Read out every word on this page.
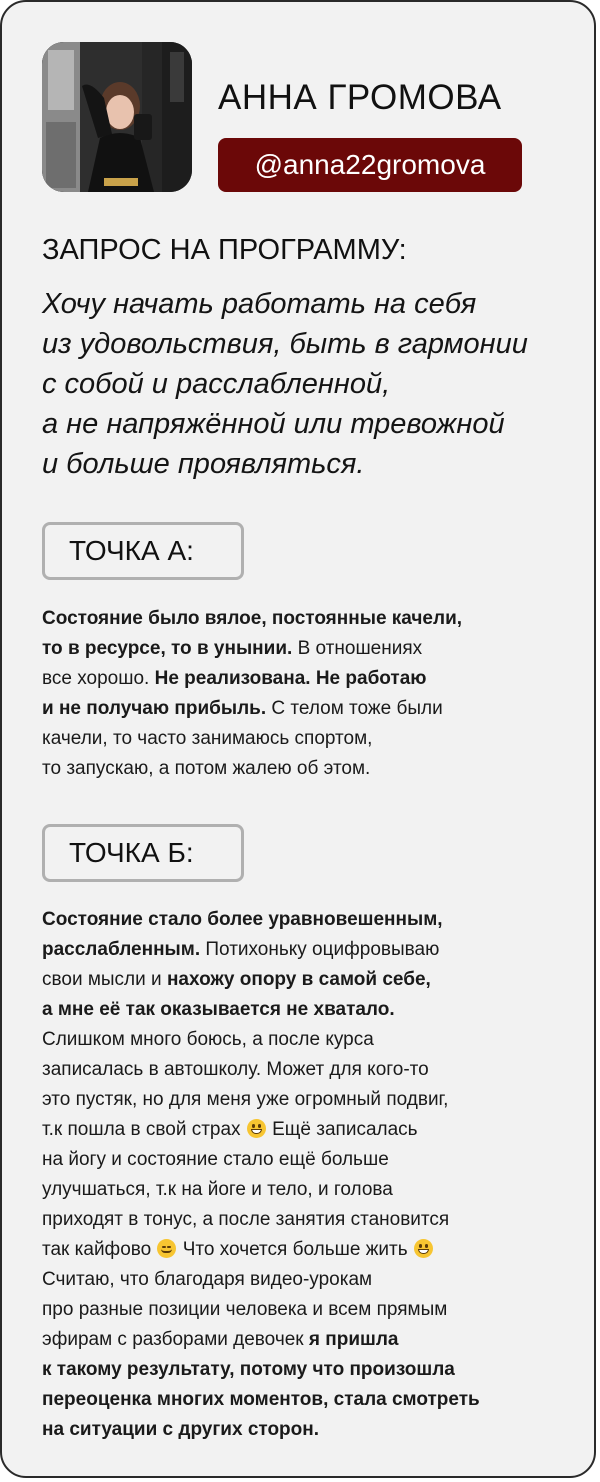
АННА ГРОМОВА
@anna22gromova
ЗАПРОС НА ПРОГРАММУ:
Хочу начать работать на себя
из удовольствия, быть в гармонии
с собой и расслабленной,
а не напряжённой или тревожной
и больше проявляться.
ТОЧКА А:
Состояние было вялое, постоянные качели,
то в ресурсе, то в унынии. В отношениях
все хорошо. Не реализована. Не работаю
и не получаю прибыль. С телом тоже были
качели, то часто занимаюсь спортом,
то запускаю, а потом жалею об этом.
ТОЧКА Б:
Состояние стало более уравновешенным,
расслабленным. Потихоньку оцифровываю
свои мысли и нахожу опору в самой себе,
а мне её так оказывается не хватало.
Слишком много боюсь, а после курса
записалась в автошколу. Может для кого-то
это пустяк, но для меня уже огромный подвиг,
т.к пошла в свой страх
Ещё записалась
на йогу и состояние стало ещё больше
улучшаться, т.к на йоге и тело, и голова
приходят в тонус, а после занятия становится
так кайфово
Что хочется больше жить
Считаю, что благодаря видео-урокам
про разные позиции человека и всем прямым
эфирам с разборами девочек я пришла
к такому результату, потому что произошла
переоценка многих моментов, стала смотреть
на ситуации с других сторон.
